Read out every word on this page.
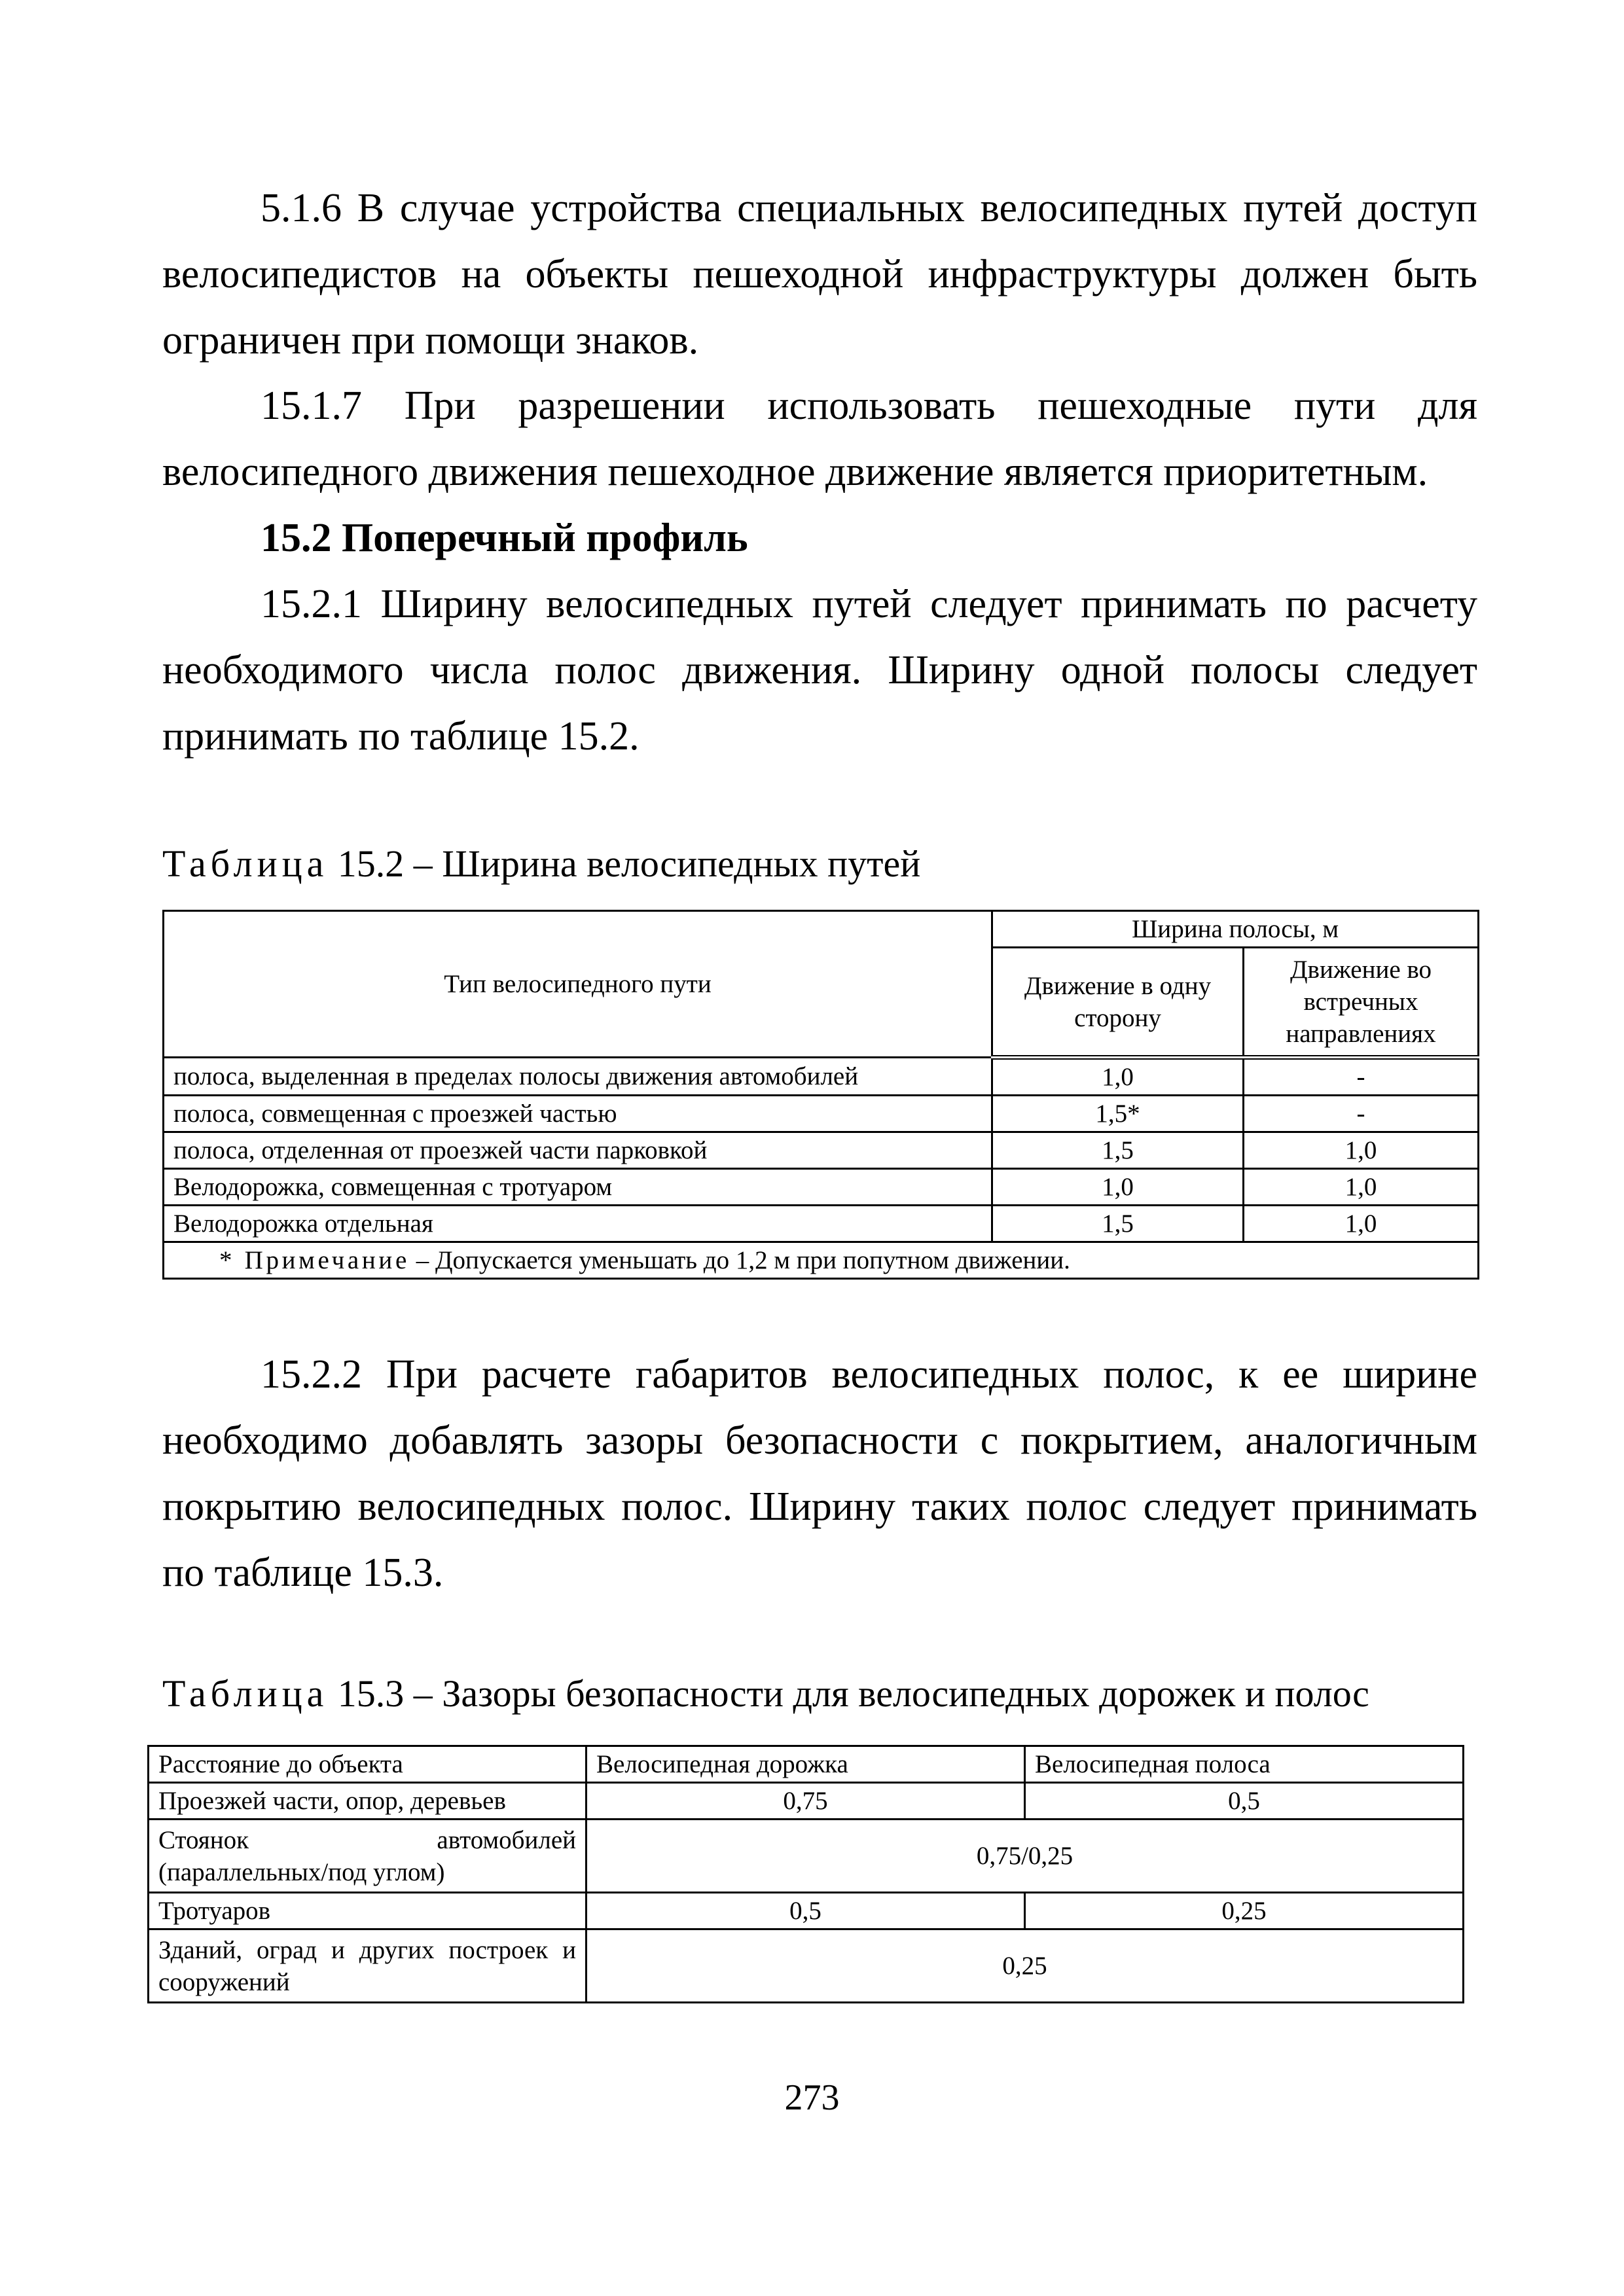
5.1.6 В случае устройства специальных велосипедных путей доступ велосипедистов на объекты пешеходной инфраструктуры должен быть ограничен при помощи знаков.

15.1.7 При разрешении использовать пешеходные пути для велосипедного движения пешеходное движение является приоритетным.

15.2 Поперечный профиль

15.2.1 Ширину велосипедных путей следует принимать по расчету необходимого числа полос движения. Ширину одной полосы следует принимать по таблице 15.2.

Таблица 15.2 – Ширина велосипедных путей

Тип велосипедного пути	Ширина полосы, м	
	Движение в одну сторону	Движение во встречных направлениях
полоса, выделенная в пределах полосы движения автомобилей	1,0	-
полоса, совмещенная с проезжей частью	1,5*	-
полоса, отделенная от проезжей части парковкой	1,5	1,0
Велодорожка, совмещенная с тротуаром	1,0	1,0
Велодорожка отдельная	1,5	1,0
* Примечание – Допускается уменьшать до 1,2 м при попутном движении.		

15.2.2 При расчете габаритов велосипедных полос, к ее ширине необходимо добавлять зазоры безопасности с покрытием, аналогичным покрытию велосипедных полос. Ширину таких полос следует принимать по таблице 15.3.

Таблица 15.3 – Зазоры безопасности для велосипедных дорожек и полос

Расстояние до объекта	Велосипедная дорожка	Велосипедная полоса
Проезжей части, опор, деревьев	0,75	0,5

Стоянок автомобилей
(параллельных/под углом)	0,75/0,25	
Тротуаров	0,5	0,25
Зданий, оград и других построек и сооружений	0,25	
273
